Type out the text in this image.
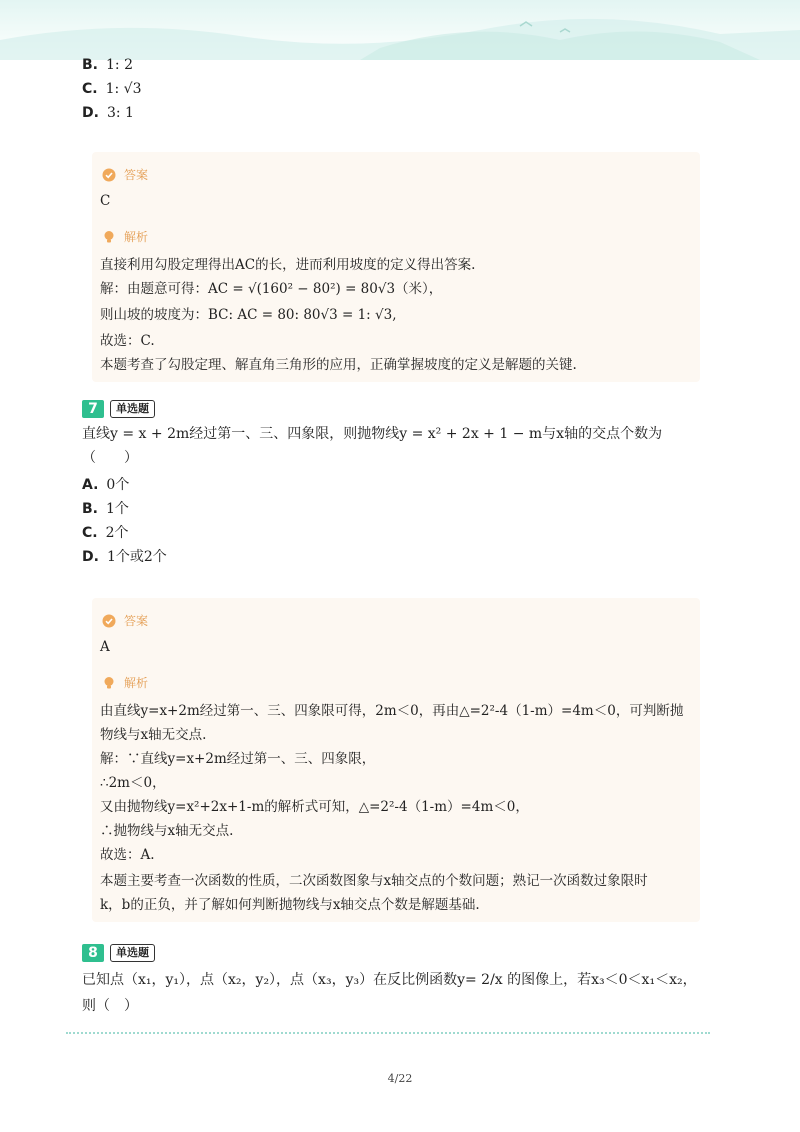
B. 1: 2
C. 1: √3
D. 3: 1
答案
C
解析
直接利用勾股定理得出AC的长，进而利用坡度的定义得出答案.
解：由题意可得：AC = √(160² − 80²) = 80√3（米），
则山坡的坡度为：BC: AC = 80: 80√3 = 1: √3,
故选：C.
本题考查了勾股定理、解直角三角形的应用，正确掌握坡度的定义是解题的关键.
7	单选题
直线y = x + 2m经过第一、三、四象限，则抛物线y = x² + 2x + 1 − m与x轴的交点个数为
（　　）
A. 0个
B. 1个
C. 2个
D. 1个或2个
答案
A
解析
由直线y=x+2m经过第一、三、四象限可得，2m＜0，再由△=2²-4（1-m）=4m＜0，可判断抛
物线与x轴无交点.
解：∵直线y=x+2m经过第一、三、四象限，
∴2m＜0，
又由抛物线y=x²+2x+1-m的解析式可知，△=2²-4（1-m）=4m＜0，
∴抛物线与x轴无交点.
故选：A.
本题主要考查一次函数的性质，二次函数图象与x轴交点的个数问题；熟记一次函数过象限时
k，b的正负，并了解如何判断抛物线与x轴交点个数是解题基础.
8	单选题
已知点（x₁，y₁），点（x₂，y₂），点（x₃，y₃）在反比例函数y= 2/x 的图像上，若x₃＜0＜x₁＜x₂，
则（　）
4/22
